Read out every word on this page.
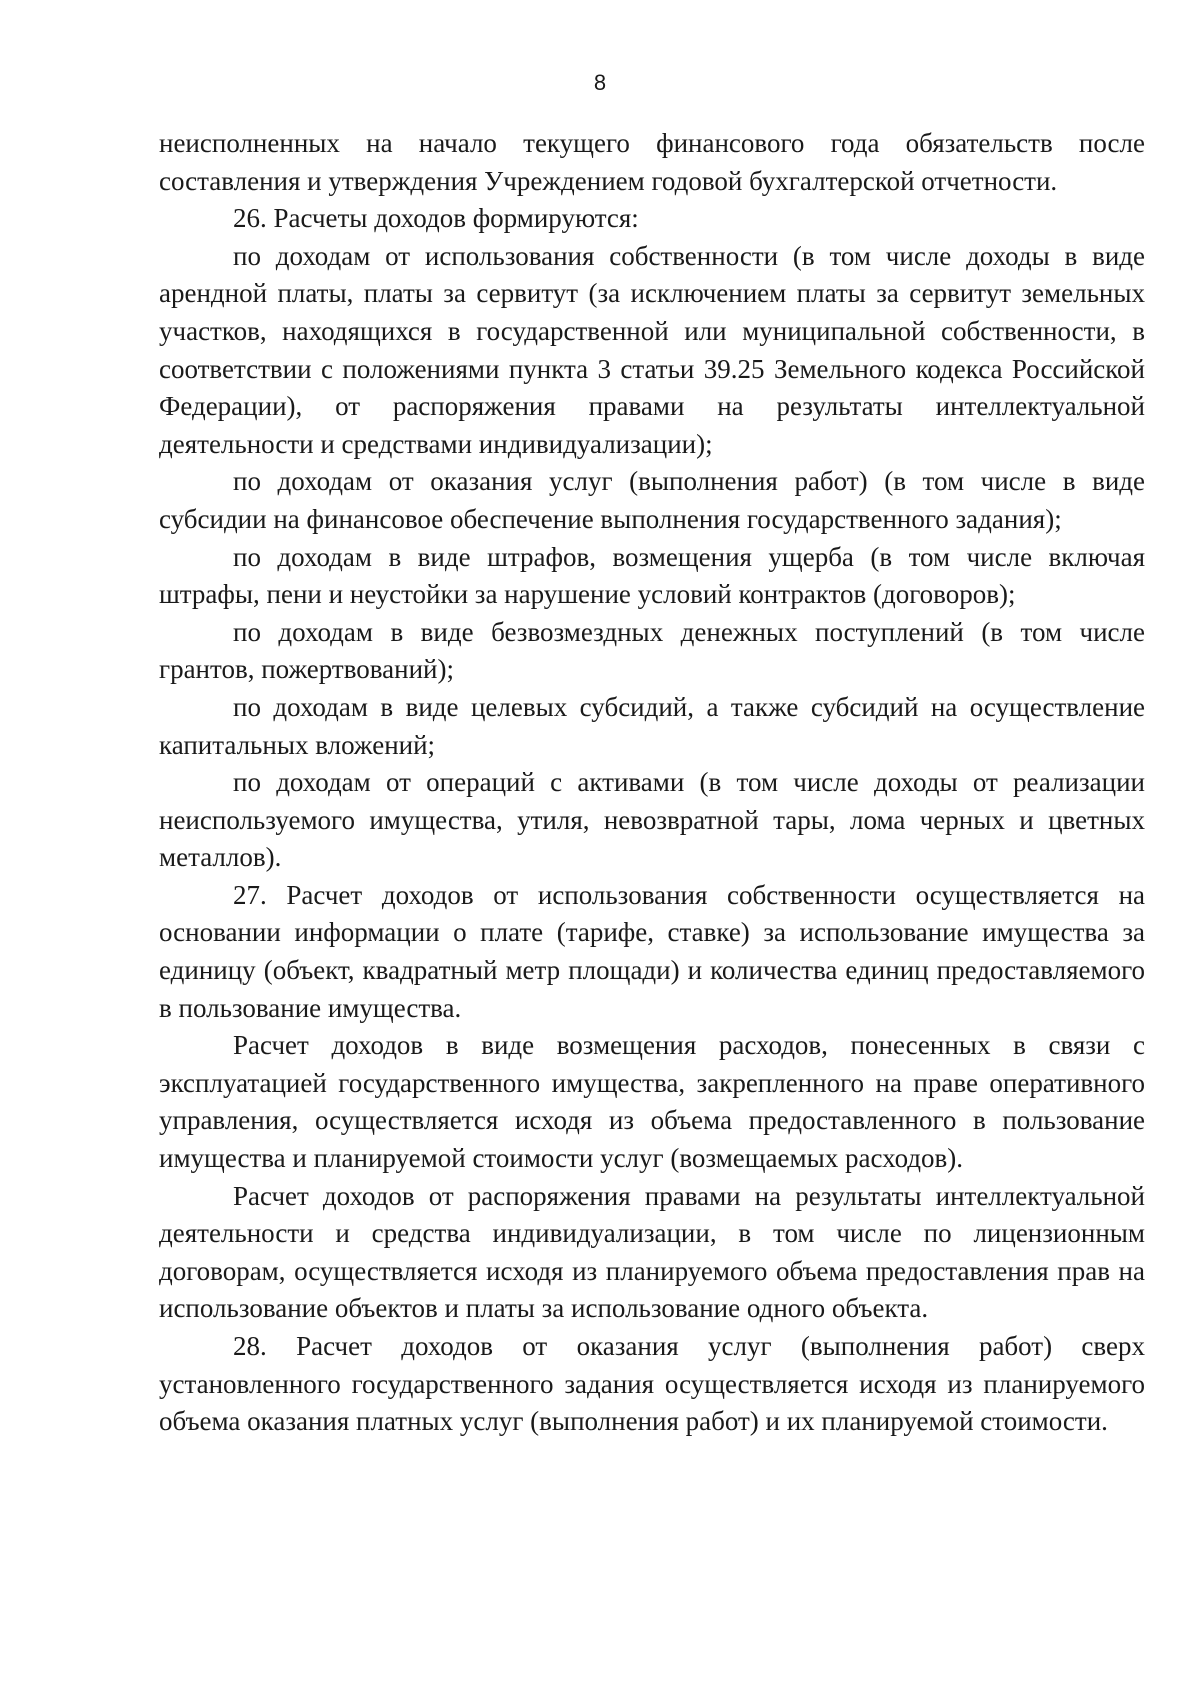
8

неисполненных на начало текущего финансового года обязательств после составления и утверждения Учреждением годовой бухгалтерской отчетности.

26. Расчеты доходов формируются:

по доходам от использования собственности (в том числе доходы в виде арендной платы, платы за сервитут (за исключением платы за сервитут земельных участков, находящихся в государственной или муниципальной собственности, в соответствии с положениями пункта 3 статьи 39.25 Земельного кодекса Российской Федерации), от распоряжения правами на результаты интеллектуальной деятельности и средствами индивидуализации);

по доходам от оказания услуг (выполнения работ) (в том числе в виде субсидии на финансовое обеспечение выполнения государственного задания);

по доходам в виде штрафов, возмещения ущерба (в том числе включая штрафы, пени и неустойки за нарушение условий контрактов (договоров);

по доходам в виде безвозмездных денежных поступлений (в том числе грантов, пожертвований);

по доходам в виде целевых субсидий, а также субсидий на осуществление капитальных вложений;

по доходам от операций с активами (в том числе доходы от реализации неиспользуемого имущества, утиля, невозвратной тары, лома черных и цветных металлов).

27. Расчет доходов от использования собственности осуществляется на основании информации о плате (тарифе, ставке) за использование имущества за единицу (объект, квадратный метр площади) и количества единиц предоставляемого в пользование имущества.

Расчет доходов в виде возмещения расходов, понесенных в связи с эксплуатацией государственного имущества, закрепленного на праве оперативного управления, осуществляется исходя из объема предоставленного в пользование имущества и планируемой стоимости услуг (возмещаемых расходов).

Расчет доходов от распоряжения правами на результаты интеллектуальной деятельности и средства индивидуализации, в том числе по лицензионным договорам, осуществляется исходя из планируемого объема предоставления прав на использование объектов и платы за использование одного объекта.

28. Расчет доходов от оказания услуг (выполнения работ) сверх установленного государственного задания осуществляется исходя из планируемого объема оказания платных услуг (выполнения работ) и их планируемой стоимости.
